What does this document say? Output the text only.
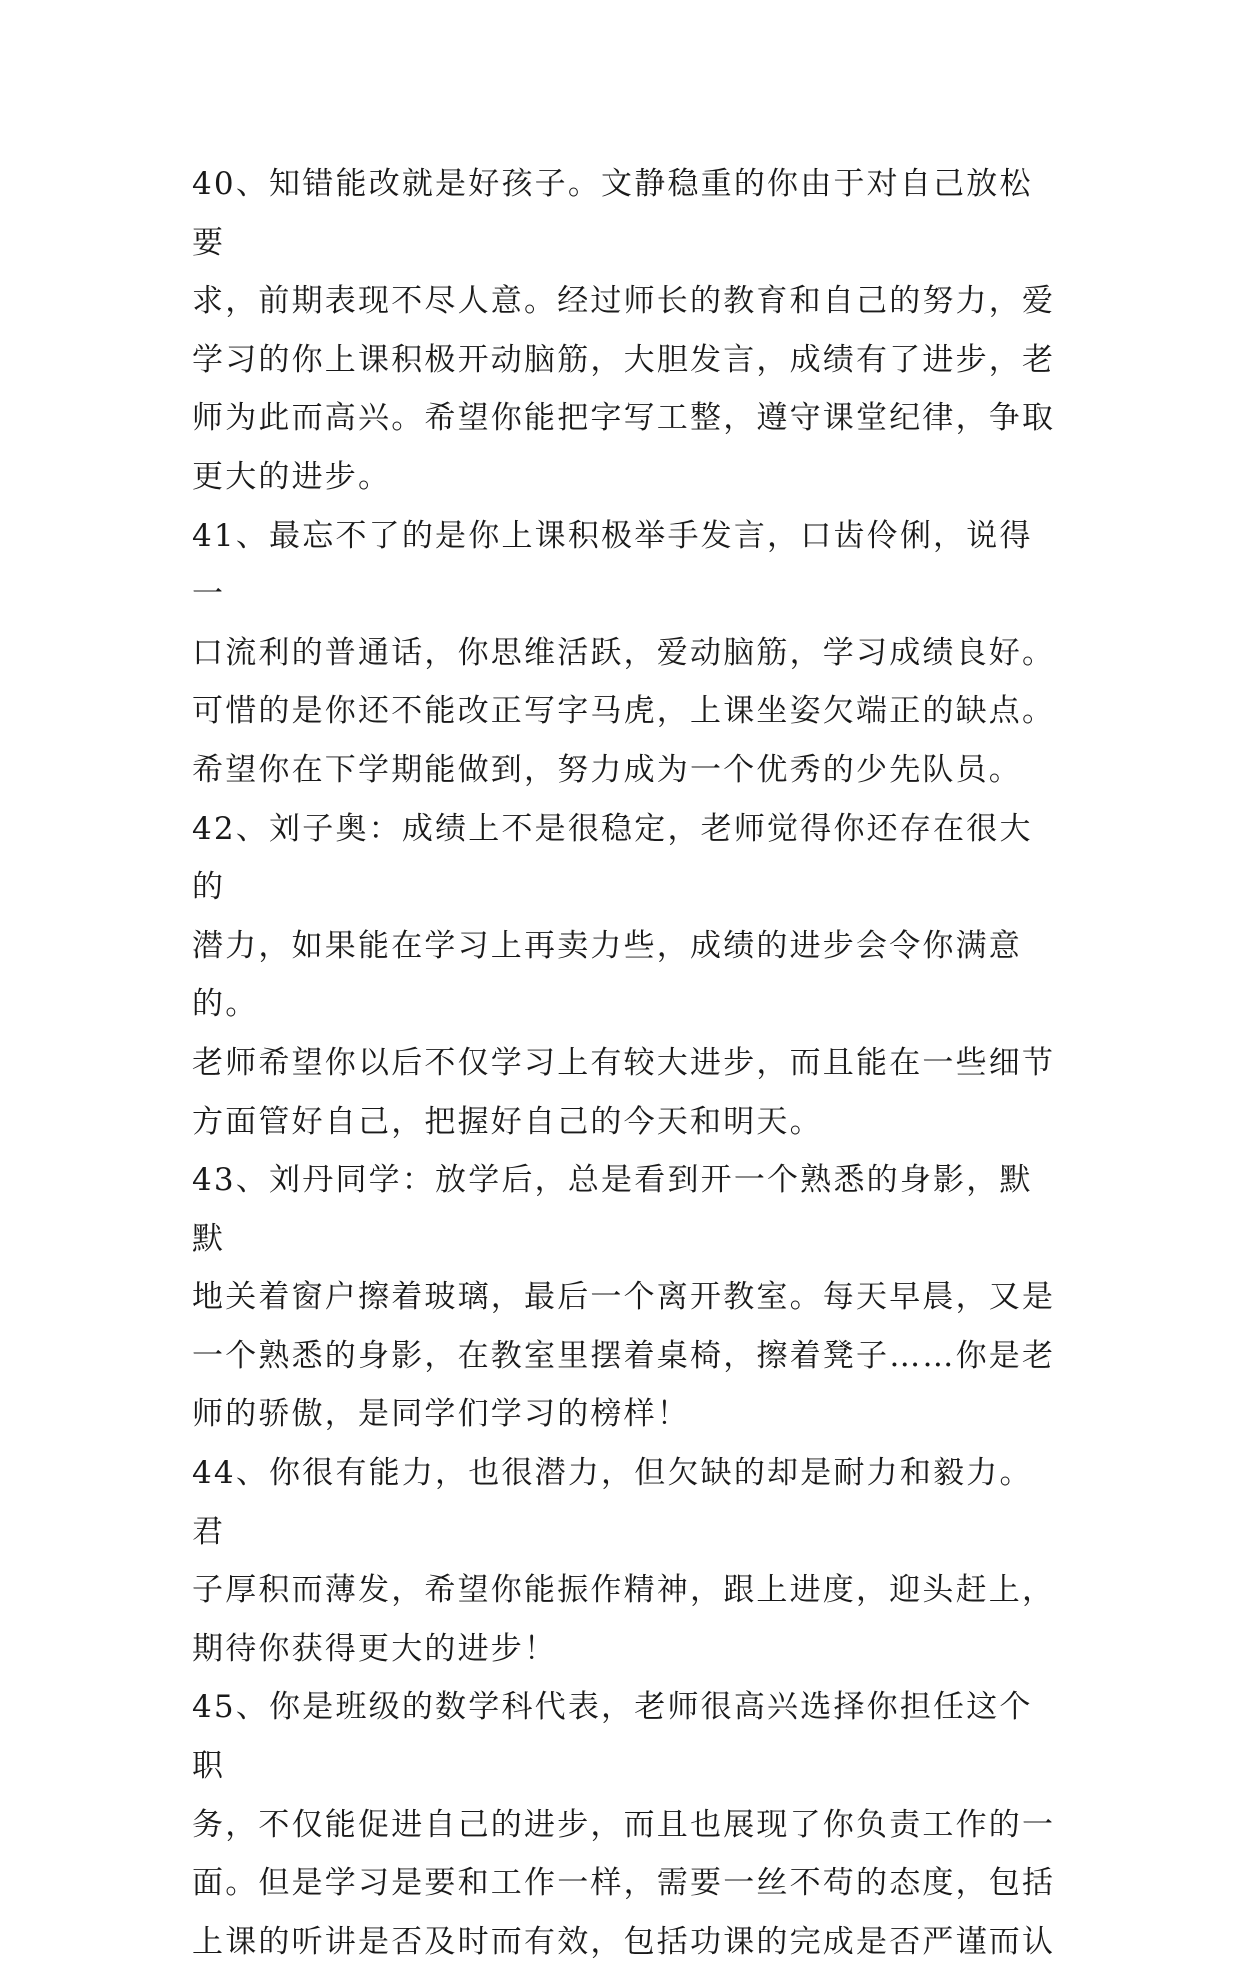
40、知错能改就是好孩子。文静稳重的你由于对自己放松要
求，前期表现不尽人意。经过师长的教育和自己的努力，爱
学习的你上课积极开动脑筋，大胆发言，成绩有了进步，老
师为此而高兴。希望你能把字写工整，遵守课堂纪律，争取
更大的进步。
41、最忘不了的是你上课积极举手发言，口齿伶俐，说得一
口流利的普通话，你思维活跃，爱动脑筋，学习成绩良好。
可惜的是你还不能改正写字马虎，上课坐姿欠端正的缺点。
希望你在下学期能做到，努力成为一个优秀的少先队员。
42、刘子奥：成绩上不是很稳定，老师觉得你还存在很大的
潜力，如果能在学习上再卖力些，成绩的进步会令你满意的。
老师希望你以后不仅学习上有较大进步，而且能在一些细节
方面管好自己，把握好自己的今天和明天。
43、刘丹同学：放学后，总是看到开一个熟悉的身影，默默
地关着窗户擦着玻璃，最后一个离开教室。每天早晨，又是
一个熟悉的身影，在教室里摆着桌椅，擦着凳子……你是老
师的骄傲，是同学们学习的榜样！
44、你很有能力，也很潜力，但欠缺的却是耐力和毅力。君
子厚积而薄发，希望你能振作精神，跟上进度，迎头赶上，
期待你获得更大的进步！
45、你是班级的数学科代表，老师很高兴选择你担任这个职
务，不仅能促进自己的进步，而且也展现了你负责工作的一
面。但是学习是要和工作一样，需要一丝不苟的态度，包括
上课的听讲是否及时而有效，包括功课的完成是否严谨而认
